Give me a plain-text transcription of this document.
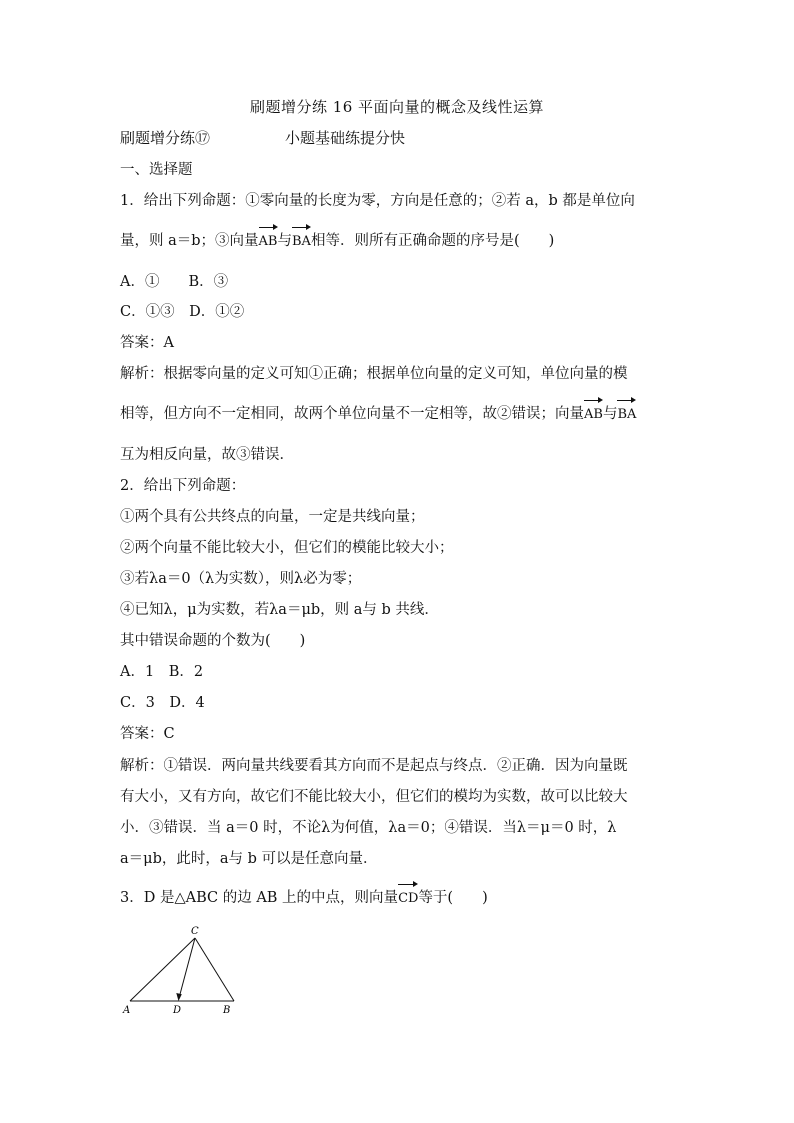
刷题增分练 16 平面向量的概念及线性运算
刷题增分练⑰	小题基础练提分快
一、选择题
1．给出下列命题：①零向量的长度为零，方向是任意的；②若 a，b 都是单位向
量，则 a＝b；③向量AB与BA相等．则所有正确命题的序号是(　　)
A．①　　B．③
C．①③　D．①②
答案：A
解析：根据零向量的定义可知①正确；根据单位向量的定义可知，单位向量的模
相等，但方向不一定相同，故两个单位向量不一定相等，故②错误；向量AB与BA
互为相反向量，故③错误．
2．给出下列命题：
①两个具有公共终点的向量，一定是共线向量；
②两个向量不能比较大小，但它们的模能比较大小；
③若λa＝0（λ为实数），则λ必为零；
④已知λ，μ为实数，若λa＝μb，则 a与 b 共线．
其中错误命题的个数为(　　)
A．1　B．2
C．3　D．4
答案：C
解析：①错误．两向量共线要看其方向而不是起点与终点．②正确．因为向量既
有大小，又有方向，故它们不能比较大小，但它们的模均为实数，故可以比较大
小．③错误．当 a＝0 时，不论λ为何值，λa＝0；④错误．当λ＝μ＝0 时，λ
a＝μb，此时，a与 b 可以是任意向量．
3．D 是△ABC 的边 AB 上的中点，则向量CD等于(　　)
C
A	D	B
